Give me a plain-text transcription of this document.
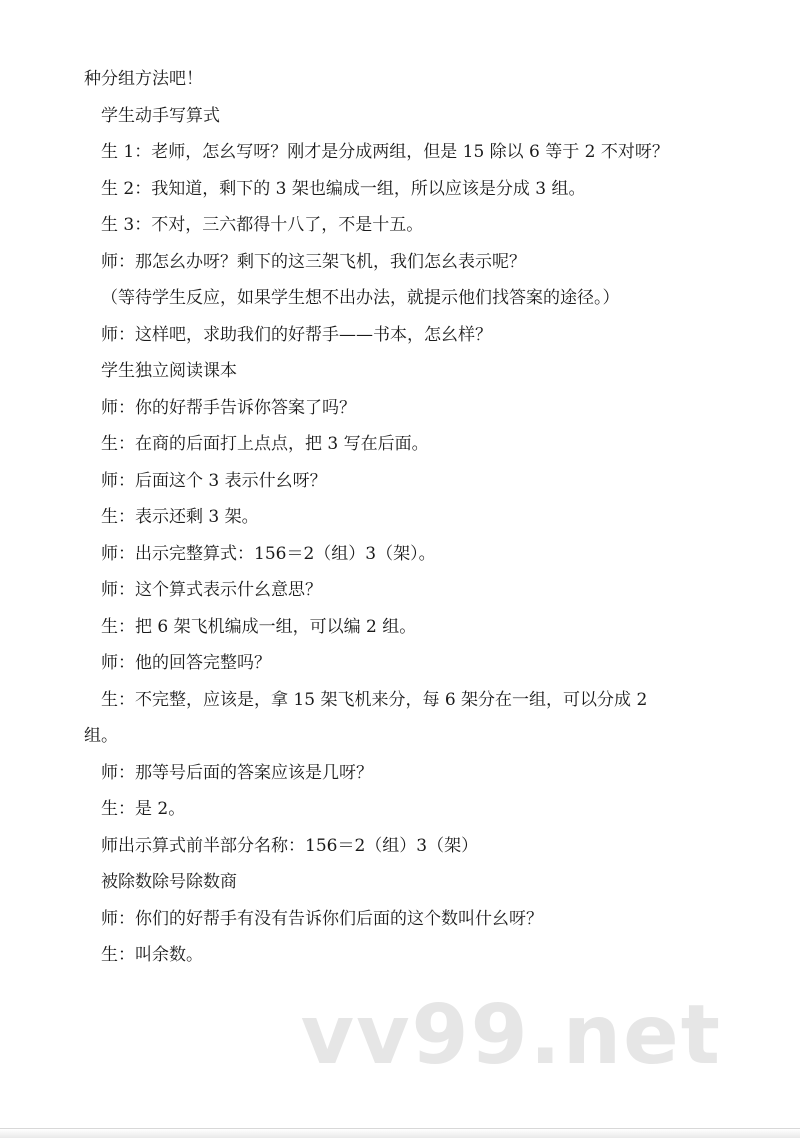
种分组方法吧！

学生动手写算式

生 1：老师，怎幺写呀？刚才是分成两组，但是 15 除以 6 等于 2 不对呀？

生 2：我知道，剩下的 3 架也编成一组，所以应该是分成 3 组。

生 3：不对，三六都得十八了，不是十五。

师：那怎幺办呀？剩下的这三架飞机，我们怎幺表示呢？

（等待学生反应，如果学生想不出办法，就提示他们找答案的途径。）

师：这样吧，求助我们的好帮手——书本，怎幺样？

学生独立阅读课本

师：你的好帮手告诉你答案了吗？

生：在商的后面打上点点，把 3 写在后面。

师：后面这个 3 表示什幺呀？

生：表示还剩 3 架。

师：出示完整算式：156＝2（组）3（架）。

师：这个算式表示什幺意思？

生：把 6 架飞机编成一组，可以编 2 组。

师：他的回答完整吗？

生：不完整，应该是，拿 15 架飞机来分，每 6 架分在一组，可以分成 2

组。

师：那等号后面的答案应该是几呀？

生：是 2。

师出示算式前半部分名称：156＝2（组）3（架）

被除数除号除数商

师：你们的好帮手有没有告诉你们后面的这个数叫什幺呀？

生：叫余数。

vv99.net
